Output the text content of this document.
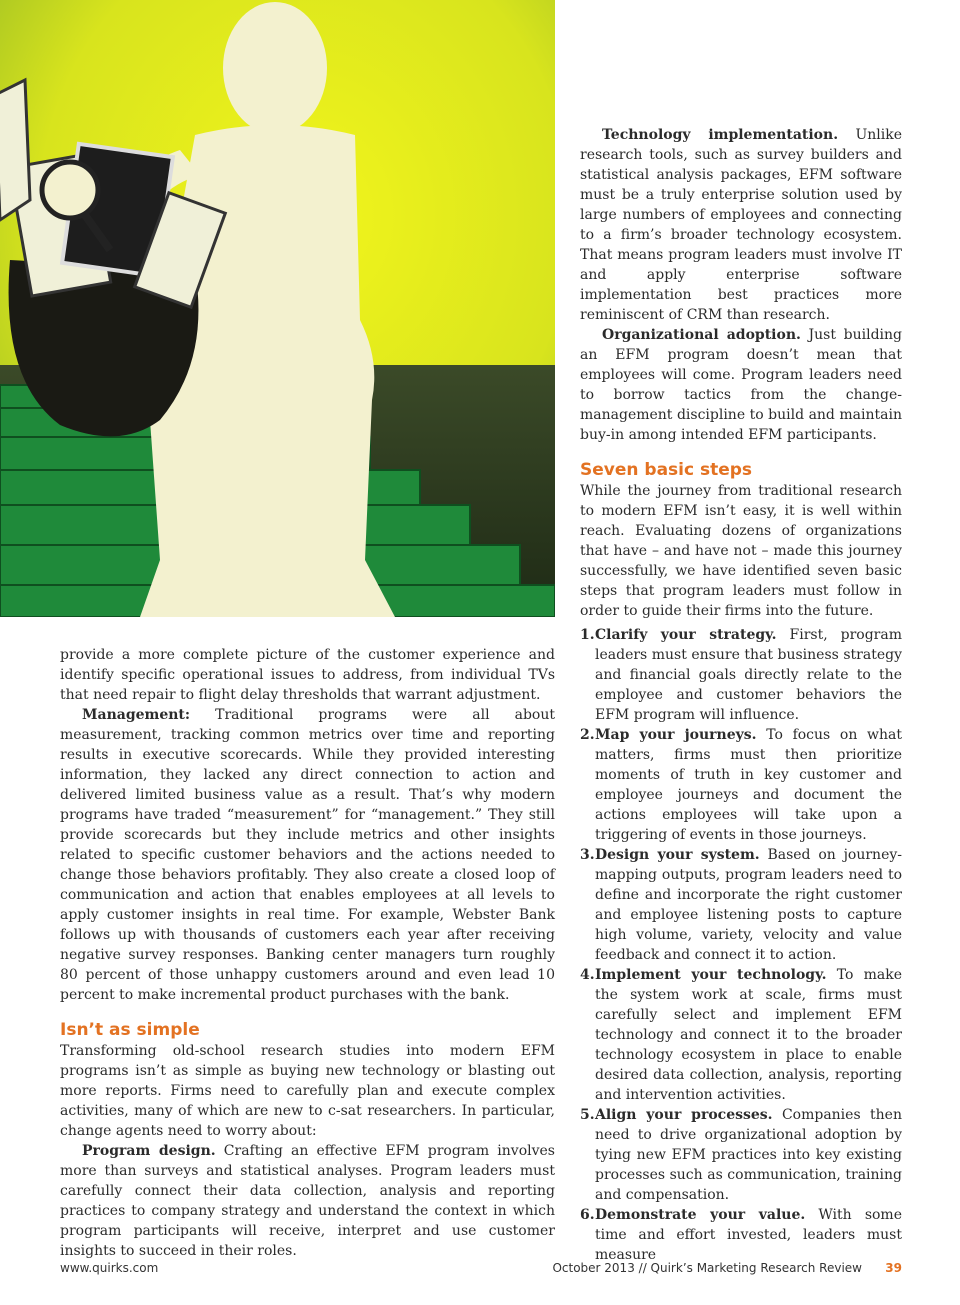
Technology implementation. Unlike research tools, such as survey builders and statistical analysis packages, EFM software must be a truly enterprise solution used by large numbers of employees and connecting to a firm’s broader technology ecosystem. That means program leaders must involve IT and apply enterprise software implementation best practices more reminiscent of CRM than research.

Organizational adoption. Just building an EFM program doesn’t mean that employees will come. Program leaders need to borrow tactics from the change-management discipline to build and maintain buy-in among intended EFM participants.

Seven basic steps

While the journey from traditional research to modern EFM isn’t easy, it is well within reach. Evaluating dozens of organizations that have – and have not – made this journey successfully, we have identified seven basic steps that program leaders must follow in order to guide their firms into the future.

provide a more complete picture of the customer experience and identify specific operational issues to address, from individual TVs that need repair to flight delay thresholds that warrant adjustment.

Management: Traditional programs were all about measurement, tracking common metrics over time and reporting results in executive scorecards. While they provided interesting information, they lacked any direct connection to action and delivered limited business value as a result. That’s why modern programs have traded “measurement” for “management.” They still provide scorecards but they include metrics and other insights related to specific customer behaviors and the actions needed to change those behaviors profitably. They also create a closed loop of communication and action that enables employees at all levels to apply customer insights in real time. For example, Webster Bank follows up with thousands of customers each year after receiving negative survey responses. Banking center managers turn roughly 80 percent of those unhappy customers around and even lead 10 percent to make incremental product purchases with the bank.

Isn’t as simple

Transforming old-school research studies into modern EFM programs isn’t as simple as buying new technology or blasting out more reports. Firms need to carefully plan and execute complex activities, many of which are new to c-sat researchers. In particular, change agents need to worry about:

Program design. Crafting an effective EFM program involves more than surveys and statistical analyses. Program leaders must carefully connect their data collection, analysis and reporting practices to company strategy and understand the context in which program participants will receive, interpret and use customer insights to succeed in their roles.

1. Clarify your strategy. First, program leaders must ensure that business strategy and financial goals directly relate to the employee and customer behaviors the EFM program will influence.
2. Map your journeys. To focus on what matters, firms must then prioritize moments of truth in key customer and employee journeys and document the actions employees will take upon a triggering of events in those journeys.
3. Design your system. Based on journey-mapping outputs, program leaders need to define and incorporate the right customer and employee listening posts to capture high volume, variety, velocity and value feedback and connect it to action.
4. Implement your technology. To make the system work at scale, firms must carefully select and implement EFM technology and connect it to the broader technology ecosystem in place to enable desired data collection, analysis, reporting and intervention activities.
5. Align your processes. Companies then need to drive organizational adoption by tying new EFM practices into key existing processes such as communication, training and compensation.
6. Demonstrate your value. With some time and effort invested, leaders must measure
www.quirks.com	October 2013 // Quirk’s Marketing Research Review 39
